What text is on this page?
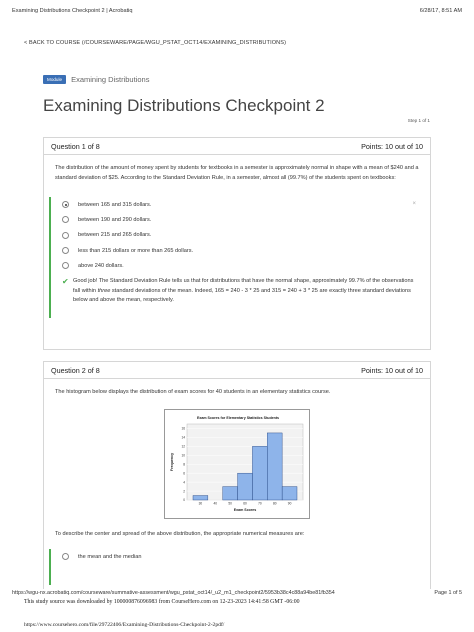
Examining Distributions Checkpoint 2 | Acrobatiq	6/28/17, 8:51 AM
< BACK TO COURSE (/COURSEWARE/PAGE/WGU_PSTAT_OCT14/EXAMINING_DISTRIBUTIONS)
Module	Examining Distributions
Examining Distributions Checkpoint 2
Step 1 of 1
Question 1 of 8	Points: 10 out of 10
The distribution of the amount of money spent by students for textbooks in a semester is approximately normal in shape with a mean of $240 and a standard deviation of $25. According to the Standard Deviation Rule, in a semester, almost all (99.7%) of the students spent on textbooks:
×
between 165 and 315 dollars.
between 190 and 290 dollars.
between 215 and 265 dollars.
less than 215 dollars or more than 265 dollars.
above 240 dollars.
✔ Good job! The Standard Deviation Rule tells us that for distributions that have the normal shape, approximately 99.7% of the observations fall within three standard deviations of the mean. Indeed, 165 = 240 - 3 * 25 and 315 = 240 + 3 * 25 are exactly three standard deviations below and above the mean, respectively.
Question 2 of 8	Points: 10 out of 10
The histogram below displays the distribution of exam scores for 40 students in an elementary statistics course.
Exam Scores for Elementary Statistics Students
0
2
4
6
8
10
12
14
16
30	40	50	60	70	80	90
Exam Scores
Frequency
To describe the center and spread of the above distribution, the appropriate numerical measures are:
the mean and the median
https://wgu-nx.acrobatiq.com/courseware/summative-assessment/wgu_pstat_oct14/_u2_m1_checkpoint2/5953b38c4c88a94be81fb354	Page 1 of 5
This study source was downloaded by 100000876096983 from CourseHero.com on 12-23-2023 14:41:58 GMT -06:00
https://www.coursehero.com/file/29722406/Examining-Distributions-Checkpoint-2-2pdf/
